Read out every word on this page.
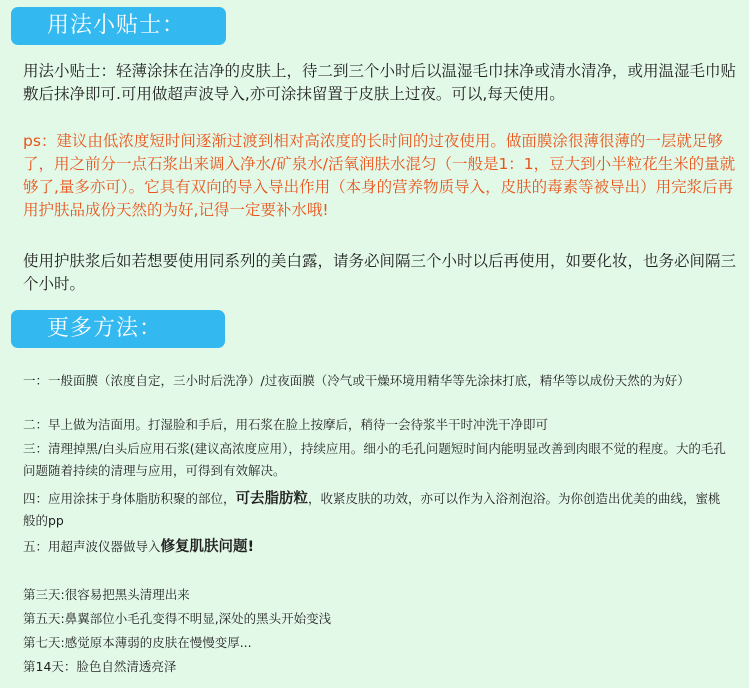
用法小贴士：

用法小贴士：轻薄涂抹在洁净的皮肤上，待二到三个小时后以温湿毛巾抹净或清水清净，或用温湿毛巾贴敷后抹净即可.可用做超声波导入,亦可涂抹留置于皮肤上过夜。可以,每天使用。

ps：建议由低浓度短时间逐渐过渡到相对高浓度的长时间的过夜使用。做面膜涂很薄很薄的一层就足够了，用之前分一点石浆出来调入净水/矿泉水/活氧润肤水混匀（一般是1：1，豆大到小半粒花生米的量就够了,量多亦可）。它具有双向的导入导出作用（本身的营养物质导入，皮肤的毒素等被导出）用完浆后再用护肤品成份天然的为好,记得一定要补水哦!

使用护肤浆后如若想要使用同系列的美白露，请务必间隔三个小时以后再使用，如要化妆，也务必间隔三个小时。

更多方法：

一：一般面膜（浓度自定，三小时后洗净）/过夜面膜（冷气或干燥环境用精华等先涂抹打底，精华等以成份天然的为好）

二：早上做为洁面用。打湿脸和手后，用石浆在脸上按摩后，稍待一会待浆半干时冲洗干净即可

三：清理掉黑/白头后应用石浆(建议高浓度应用），持续应用。细小的毛孔问题短时间内能明显改善到肉眼不觉的程度。大的毛孔问题随着持续的清理与应用，可得到有效解决。

四：应用涂抹于身体脂肪积聚的部位，可去脂肪粒，收紧皮肤的功效，亦可以作为入浴剂泡浴。为你创造出优美的曲线，蜜桃般的pp

五：用超声波仪器做导入修复肌肤问题!

第三天:很容易把黑头清理出来

第五天:鼻翼部位小毛孔变得不明显,深处的黑头开始变浅

第七天:感觉原本薄弱的皮肤在慢慢变厚...

第14天：脸色自然清透亮泽
